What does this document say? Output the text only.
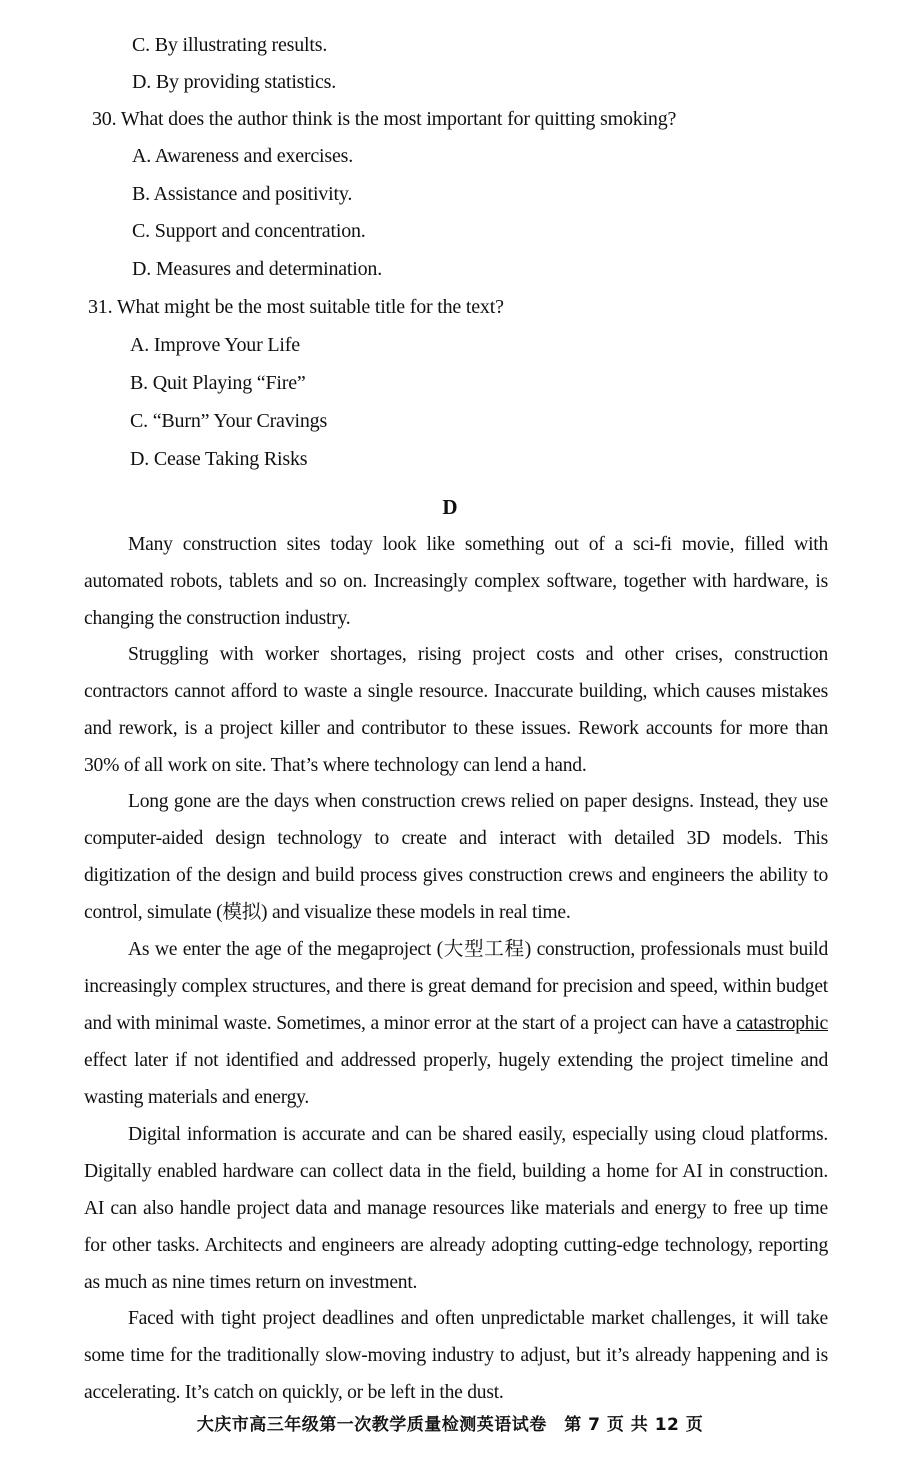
C. By illustrating results.
D. By providing statistics.
30. What does the author think is the most important for quitting smoking?
A. Awareness and exercises.
B. Assistance and positivity.
C. Support and concentration.
D. Measures and determination.
31. What might be the most suitable title for the text?
A. Improve Your Life
B. Quit Playing “Fire”
C. “Burn” Your Cravings
D. Cease Taking Risks
D

Many construction sites today look like something out of a sci-fi movie, filled with automated robots, tablets and so on. Increasingly complex software, together with hardware, is changing the construction industry.

Struggling with worker shortages, rising project costs and other crises, construction contractors cannot afford to waste a single resource. Inaccurate building, which causes mistakes and rework, is a project killer and contributor to these issues. Rework accounts for more than 30% of all work on site. That’s where technology can lend a hand.

Long gone are the days when construction crews relied on paper designs. Instead, they use computer-aided design technology to create and interact with detailed 3D models. This digitization of the design and build process gives construction crews and engineers the ability to control, simulate (模拟) and visualize these models in real time.

As we enter the age of the megaproject (大型工程) construction, professionals must build increasingly complex structures, and there is great demand for precision and speed, within budget and with minimal waste. Sometimes, a minor error at the start of a project can have a catastrophic effect later if not identified and addressed properly, hugely extending the project timeline and wasting materials and energy.

Digital information is accurate and can be shared easily, especially using cloud platforms. Digitally enabled hardware can collect data in the field, building a home for AI in construction. AI can also handle project data and manage resources like materials and energy to free up time for other tasks. Architects and engineers are already adopting cutting-edge technology, reporting as much as nine times return on investment.

Faced with tight project deadlines and often unpredictable market challenges, it will take some time for the traditionally slow-moving industry to adjust, but it’s already happening and is accelerating. It’s catch on quickly, or be left in the dust.

大庆市高三年级第一次教学质量检测英语试卷　第 7 页 共 12 页
